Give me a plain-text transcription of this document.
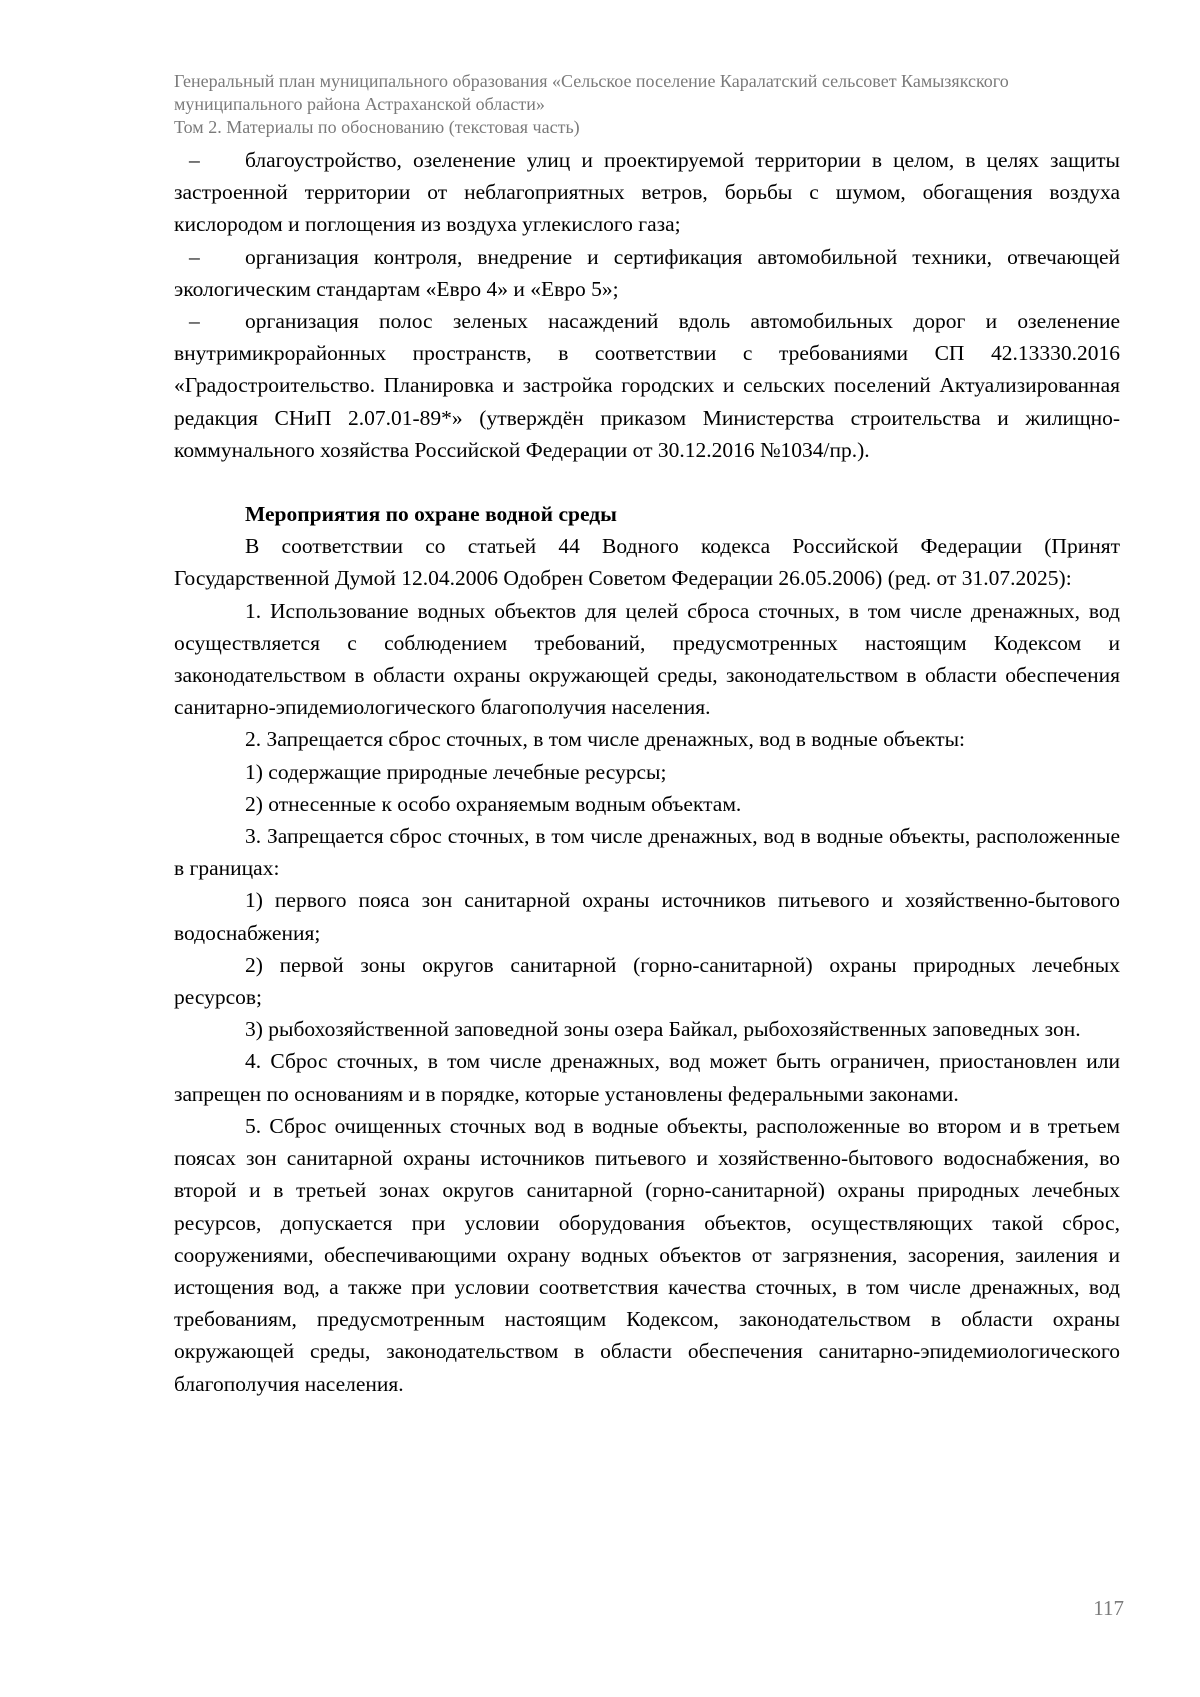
Генеральный план муниципального образования «Сельское поселение Каралатский сельсовет Камызякского
муниципального района Астраханской области»
Том 2. Материалы по обоснованию (текстовая часть)

– благоустройство, озеленение улиц и проектируемой территории в целом, в целях защиты застроенной территории от неблагоприятных ветров, борьбы с шумом, обогащения воздуха кислородом и поглощения из воздуха углекислого газа;

– организация контроля, внедрение и сертификация автомобильной техники, отвечающей экологическим стандартам «Евро 4» и «Евро 5»;

– организация полос зеленых насаждений вдоль автомобильных дорог и озеленение внутримикрорайонных пространств, в соответствии с требованиями СП 42.13330.2016 «Градостроительство. Планировка и застройка городских и сельских поселений Актуализированная редакция СНиП 2.07.01-89*» (утверждён приказом Министерства строительства и жилищно-коммунального хозяйства Российской Федерации от 30.12.2016 №1034/пр.).

Мероприятия по охране водной среды

В соответствии со статьей 44 Водного кодекса Российской Федерации (Принят Государственной Думой 12.04.2006 Одобрен Советом Федерации 26.05.2006) (ред. от 31.07.2025):

1. Использование водных объектов для целей сброса сточных, в том числе дренажных, вод осуществляется с соблюдением требований, предусмотренных настоящим Кодексом и законодательством в области охраны окружающей среды, законодательством в области обеспечения санитарно-эпидемиологического благополучия населения.

2. Запрещается сброс сточных, в том числе дренажных, вод в водные объекты:

1) содержащие природные лечебные ресурсы;

2) отнесенные к особо охраняемым водным объектам.

3. Запрещается сброс сточных, в том числе дренажных, вод в водные объекты, расположенные в границах:

1) первого пояса зон санитарной охраны источников питьевого и хозяйственно-бытового водоснабжения;

2) первой зоны округов санитарной (горно-санитарной) охраны природных лечебных ресурсов;

3) рыбохозяйственной заповедной зоны озера Байкал, рыбохозяйственных заповедных зон.

4. Сброс сточных, в том числе дренажных, вод может быть ограничен, приостановлен или запрещен по основаниям и в порядке, которые установлены федеральными законами.

5. Сброс очищенных сточных вод в водные объекты, расположенные во втором и в третьем поясах зон санитарной охраны источников питьевого и хозяйственно-бытового водоснабжения, во второй и в третьей зонах округов санитарной (горно-санитарной) охраны природных лечебных ресурсов, допускается при условии оборудования объектов, осуществляющих такой сброс, сооружениями, обеспечивающими охрану водных объектов от загрязнения, засорения, заиления и истощения вод, а также при условии соответствия качества сточных, в том числе дренажных, вод требованиям, предусмотренным настоящим Кодексом, законодательством в области охраны окружающей среды, законодательством в области обеспечения санитарно-эпидемиологического благополучия населения.

117
